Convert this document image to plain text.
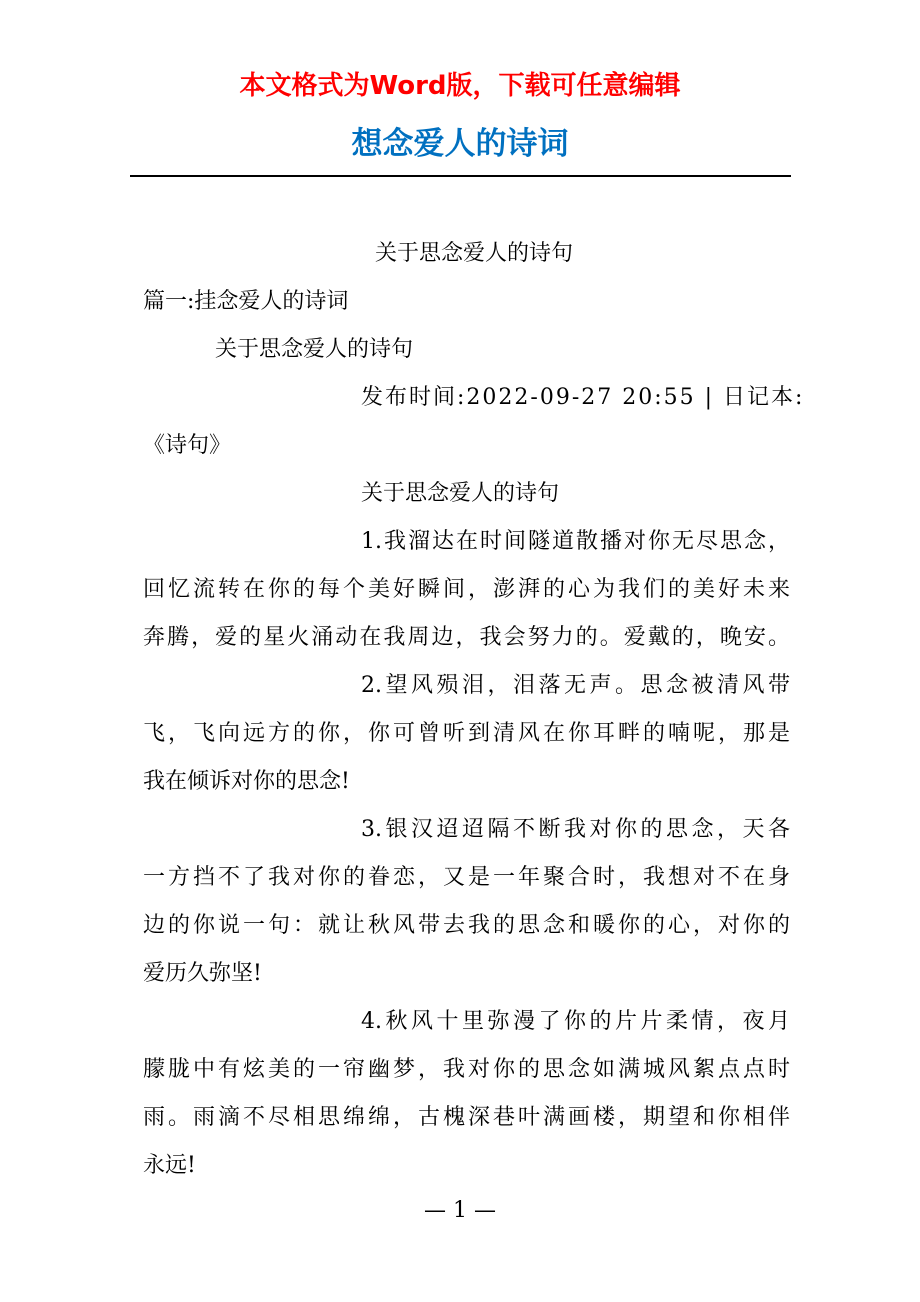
本文格式为Word版，下载可任意编辑
想念爱人的诗词
关于思念爱人的诗句
篇一:挂念爱人的诗词
关于思念爱人的诗句
发布时间:2022-09-27 20:55 | 日记本:
《诗句》
关于思念爱人的诗句
1.我溜达在时间隧道散播对你无尽思念，
回忆流转在你的每个美好瞬间，澎湃的心为我们的美好未来
奔腾，爱的星火涌动在我周边，我会努力的。爱戴的，晚安。
2.望风殒泪，泪落无声。思念被清风带
飞，飞向远方的你，你可曾听到清风在你耳畔的喃呢，那是
我在倾诉对你的思念!
3.银汉迢迢隔不断我对你的思念，天各
一方挡不了我对你的眷恋，又是一年聚合时，我想对不在身
边的你说一句：就让秋风带去我的思念和暖你的心，对你的
爱历久弥坚!
4.秋风十里弥漫了你的片片柔情，夜月
朦胧中有炫美的一帘幽梦，我对你的思念如满城风絮点点时
雨。雨滴不尽相思绵绵，古槐深巷叶满画楼，期望和你相伴
永远!
— 1 —
